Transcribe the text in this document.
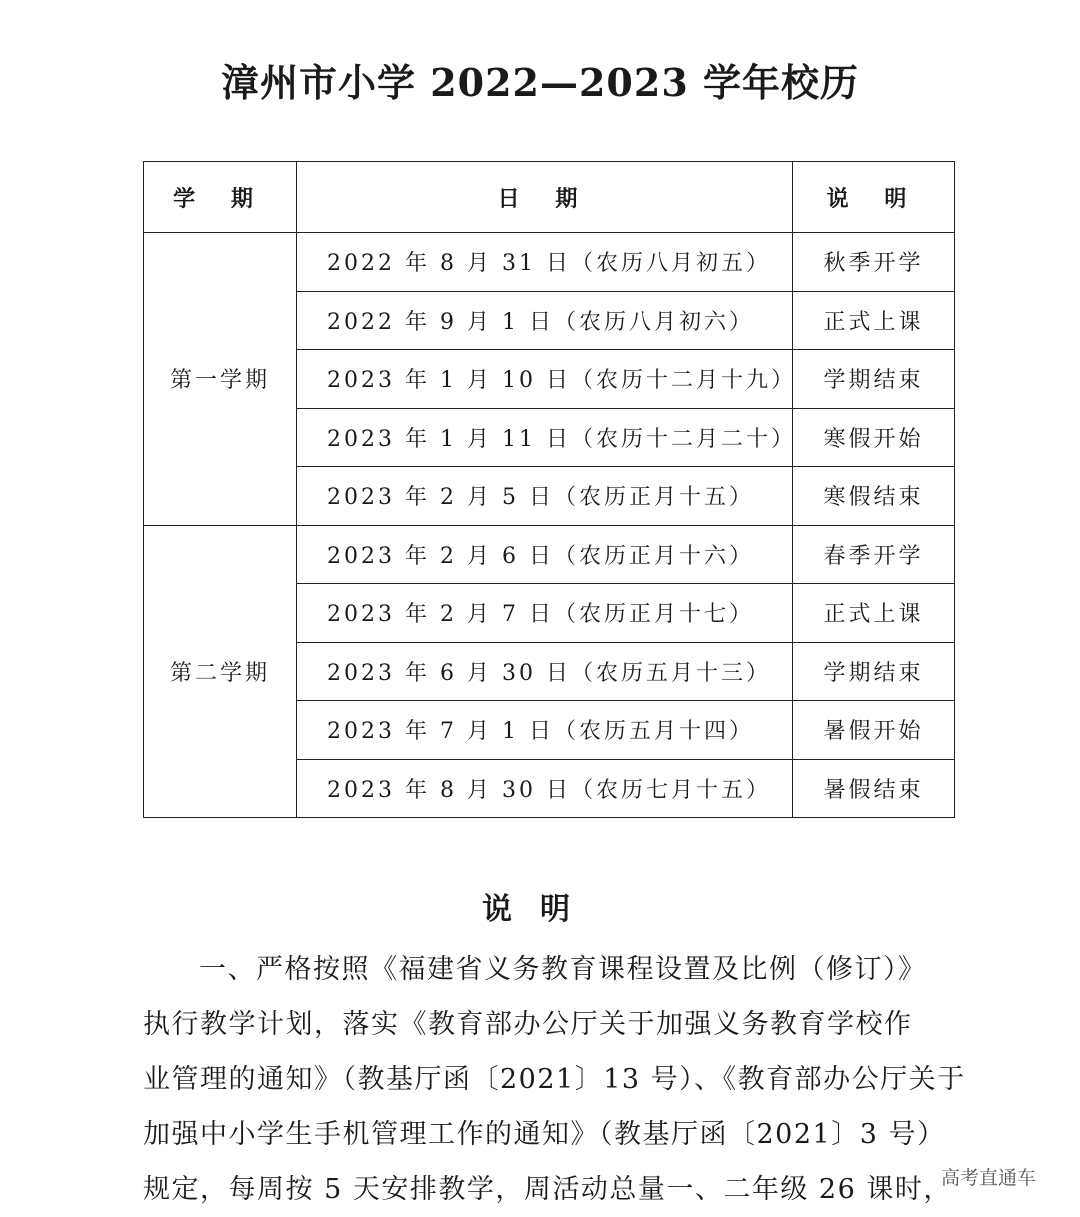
漳州市小学 2022—2023 学年校历
学 期	日 期	说 明
第一学期	2022 年 8 月 31 日（农历八月初五）	秋季开学
	2022 年 9 月 1 日（农历八月初六）	正式上课
	2023 年 1 月 10 日（农历十二月十九）	学期结束
	2023 年 1 月 11 日（农历十二月二十）	寒假开始
	2023 年 2 月 5 日（农历正月十五）	寒假结束
第二学期	2023 年 2 月 6 日（农历正月十六）	春季开学
	2023 年 2 月 7 日（农历正月十七）	正式上课
	2023 年 6 月 30 日（农历五月十三）	学期结束
	2023 年 7 月 1 日（农历五月十四）	暑假开始
	2023 年 8 月 30 日（农历七月十五）	暑假结束
说明
一、严格按照《福建省义务教育课程设置及比例（修订）》
执行教学计划，落实《教育部办公厅关于加强义务教育学校作
业管理的通知》（教基厅函〔2021〕13 号）、《教育部办公厅关于
加强中小学生手机管理工作的通知》（教基厅函〔2021〕3 号）
规定，每周按 5 天安排教学，周活动总量一、二年级 26 课时，
高考直通车
